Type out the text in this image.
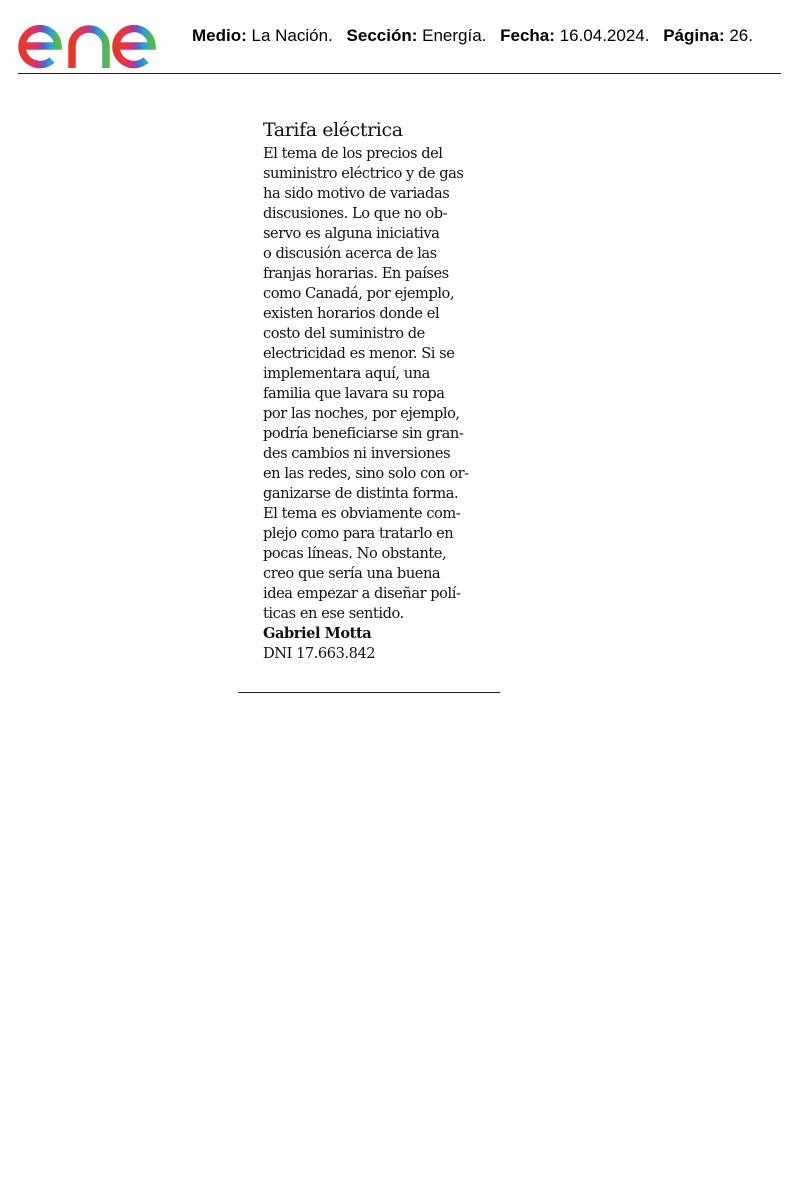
Medio: La Nación. Sección: Energía. Fecha: 16.04.2024. Página: 26.
Tarifa eléctrica
El tema de los precios del
suministro eléctrico y de gas
ha sido motivo de variadas
discusiones. Lo que no ob-
servo es alguna iniciativa
o discusión acerca de las
franjas horarias. En países
como Canadá, por ejemplo,
existen horarios donde el
costo del suministro de
electricidad es menor. Si se
implementara aquí, una
familia que lavara su ropa
por las noches, por ejemplo,
podría beneficiarse sin gran-
des cambios ni inversiones
en las redes, sino solo con or-
ganizarse de distinta forma.
El tema es obviamente com-
plejo como para tratarlo en
pocas líneas. No obstante,
creo que sería una buena
idea empezar a diseñar polí-
ticas en ese sentido.
Gabriel Motta
DNI 17.663.842
